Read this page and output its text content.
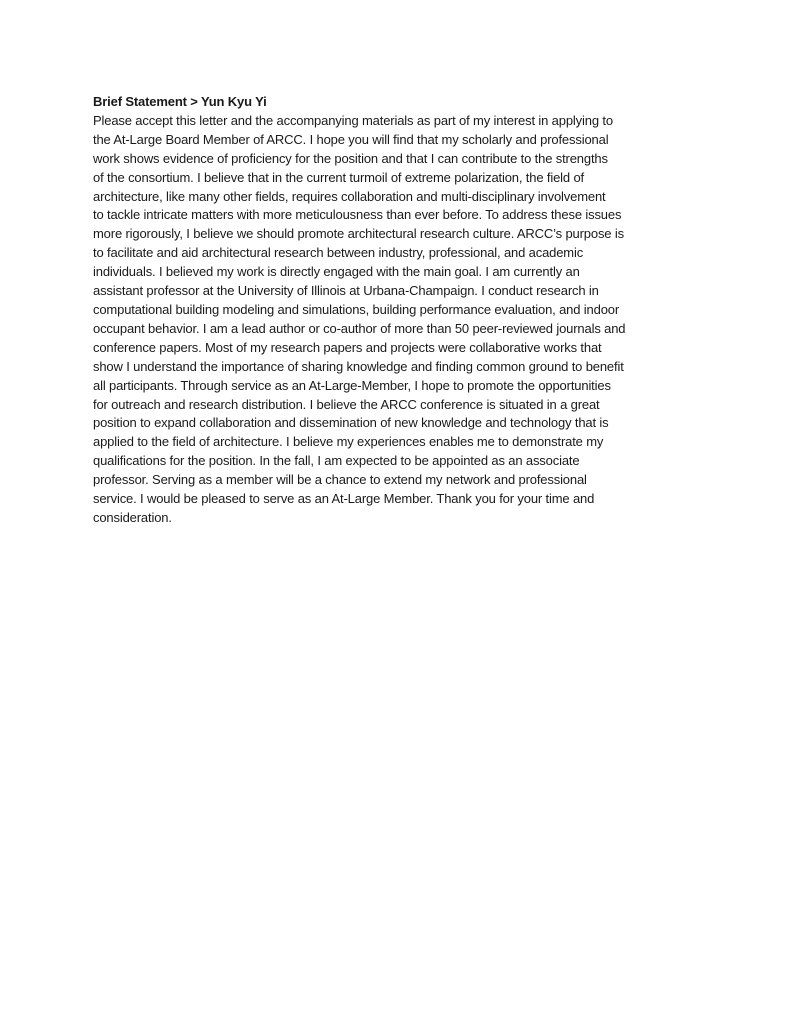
Brief Statement > Yun Kyu Yi
Please accept this letter and the accompanying materials as part of my interest in applying to
the At-Large Board Member of ARCC. I hope you will find that my scholarly and professional
work shows evidence of proficiency for the position and that I can contribute to the strengths
of the consortium. I believe that in the current turmoil of extreme polarization, the field of
architecture, like many other fields, requires collaboration and multi-disciplinary involvement
to tackle intricate matters with more meticulousness than ever before. To address these issues
more rigorously, I believe we should promote architectural research culture. ARCC’s purpose is
to facilitate and aid architectural research between industry, professional, and academic
individuals. I believed my work is directly engaged with the main goal. I am currently an
assistant professor at the University of Illinois at Urbana-Champaign. I conduct research in
computational building modeling and simulations, building performance evaluation, and indoor
occupant behavior. I am a lead author or co-author of more than 50 peer-reviewed journals and
conference papers. Most of my research papers and projects were collaborative works that
show I understand the importance of sharing knowledge and finding common ground to benefit
all participants. Through service as an At-Large-Member, I hope to promote the opportunities
for outreach and research distribution. I believe the ARCC conference is situated in a great
position to expand collaboration and dissemination of new knowledge and technology that is
applied to the field of architecture. I believe my experiences enables me to demonstrate my
qualifications for the position. In the fall, I am expected to be appointed as an associate
professor. Serving as a member will be a chance to extend my network and professional
service. I would be pleased to serve as an At-Large Member. Thank you for your time and
consideration.
